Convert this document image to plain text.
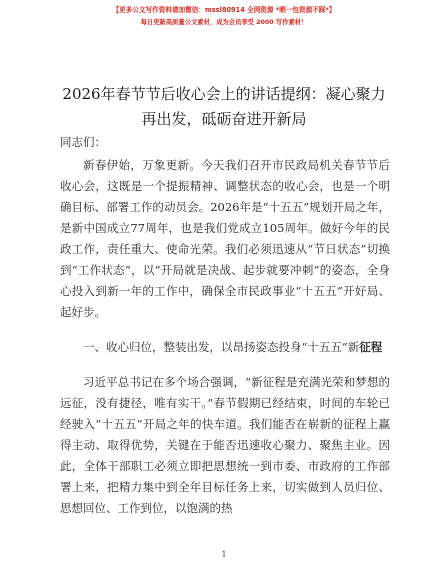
【更多公文写作资料请加微信：mssl80914 全网资源 *晒一包资源不踩*】
每日更新高质量公文素材，成为会员享受 2000 写作素材！
2026年春节节后收心会上的讲话提纲：凝心聚力再出发，砥砺奋进开新局

同志们：

新春伊始，万象更新。今天我们召开市民政局机关春节节后收心会，这既是一个提振精神、调整状态的收心会，也是一个明确目标、部署工作的动员会。2026年是“十五五”规划开局之年，是新中国成立77周年，也是我们党成立105周年。做好今年的民政工作，责任重大、使命光荣。我们必须迅速从“节日状态”切换到“工作状态”，以“开局就是决战、起步就要冲刺”的姿态，全身心投入到新一年的工作中，确保全市民政事业“十五五”开好局、起好步。

一、收心归位，整装出发，以昂扬姿态投身“十五五”新征程

习近平总书记在多个场合强调，“新征程是充满光荣和梦想的远征，没有捷径，唯有实干。”春节假期已经结束，时间的车轮已经驶入“十五五”开局之年的快车道。我们能否在崭新的征程上赢得主动、取得优势，关键在于能否迅速收心聚力、聚焦主业。因此，全体干部职工必须立即把思想统一到市委、市政府的工作部署上来，把精力集中到全年目标任务上来，切实做到人员归位、思想回位、工作到位，以饱满的热

1
